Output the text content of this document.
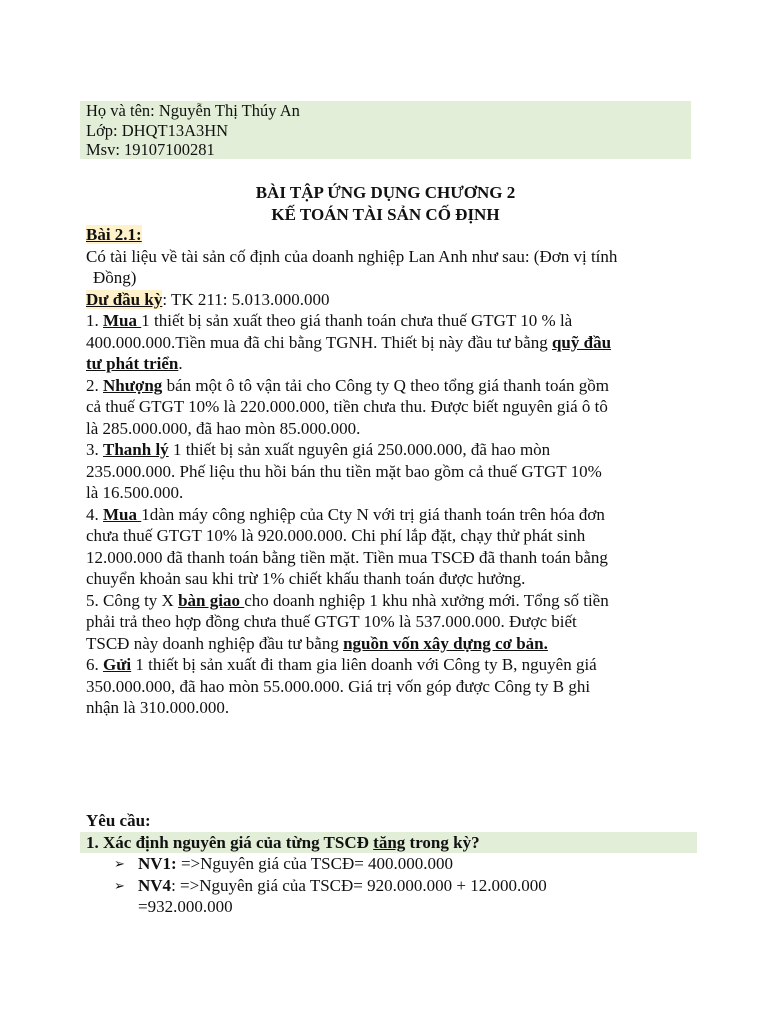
Họ và tên: Nguyễn Thị Thúy An
Lớp: DHQT13A3HN
Msv: 19107100281
BÀI TẬP ỨNG DỤNG CHƯƠNG 2
KẾ TOÁN TÀI SẢN CỐ ĐỊNH

Bài 2.1:

Có tài liệu về tài sản cố định của doanh nghiệp Lan Anh như sau: (Đơn vị tính

Đồng)

Dư đầu kỳ: TK 211: 5.013.000.000

1. Mua 1 thiết bị sản xuất theo giá thanh toán chưa thuế GTGT 10 % là

400.000.000.Tiền mua đã chi bằng TGNH. Thiết bị này đầu tư bằng quỹ đầu

tư phát triển.

2. Nhượng bán một ô tô vận tải cho Công ty Q theo tổng giá thanh toán gồm

cả thuế GTGT 10% là 220.000.000, tiền chưa thu. Được biết nguyên giá ô tô

là 285.000.000, đã hao mòn 85.000.000.

3. Thanh lý 1 thiết bị sản xuất nguyên giá 250.000.000, đã hao mòn

235.000.000. Phế liệu thu hồi bán thu tiền mặt bao gồm cả thuế GTGT 10%

là 16.500.000.

4. Mua 1dàn máy công nghiệp của Cty N với trị giá thanh toán trên hóa đơn

chưa thuế GTGT 10% là 920.000.000. Chi phí lắp đặt, chạy thử phát sinh

12.000.000 đã thanh toán bằng tiền mặt. Tiền mua TSCĐ đã thanh toán bằng

chuyển khoản sau khi trừ 1% chiết khấu thanh toán được hưởng.

5. Công ty X bàn giao cho doanh nghiệp 1 khu nhà xưởng mới. Tổng số tiền

phải trả theo hợp đồng chưa thuế GTGT 10% là 537.000.000. Được biết

TSCĐ này doanh nghiệp đầu tư bằng nguồn vốn xây dựng cơ bản.

6. Gửi 1 thiết bị sản xuất đi tham gia liên doanh với Công ty B, nguyên giá

350.000.000, đã hao mòn 55.000.000. Giá trị vốn góp được Công ty B ghi

nhận là 310.000.000.

Yêu cầu:
1. Xác định nguyên giá của từng TSCĐ tăng trong kỳ?
➢ NV1: =>Nguyên giá của TSCĐ= 400.000.000
➢ NV4: =>Nguyên giá của TSCĐ= 920.000.000 + 12.000.000
=932.000.000
